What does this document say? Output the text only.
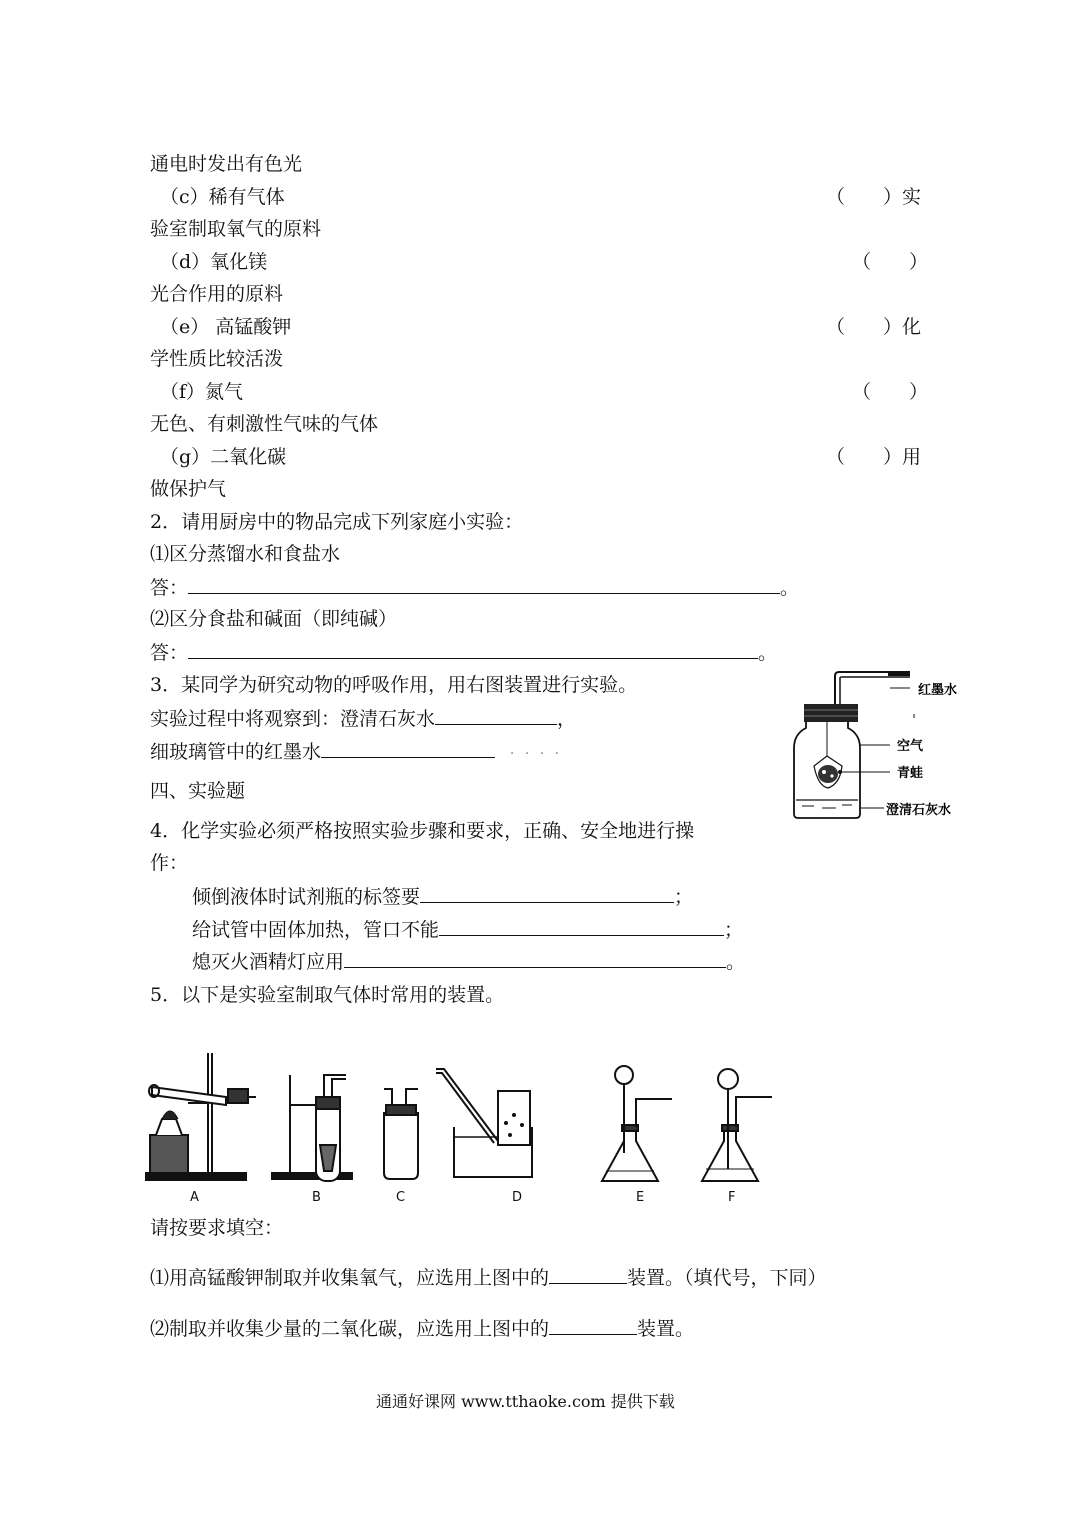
通电时发出有色光
（c）稀有气体	（　　）实
验室制取氧气的原料
（d）氧化镁	（　　）
光合作用的原料
（e） 高锰酸钾	（　　）化
学性质比较活泼
（f）氮气	（　　）
无色、有刺激性气味的气体
（g）二氧化碳	（　　）用
做保护气
2．请用厨房中的物品完成下列家庭小实验：
⑴区分蒸馏水和食盐水
答：	。
⑵区分食盐和碱面（即纯碱）
答：	。
3．某同学为研究动物的呼吸作用，用右图装置进行实验。
实验过程中将观察到：澄清石灰水	，
细玻璃管中的红墨水	· · · ·
红墨水
空气
青蛙
澄清石灰水
四、实验题
4．化学实验必须严格按照实验步骤和要求，正确、安全地进行操
作：
倾倒液体时试剂瓶的标签要	；
给试管中固体加热，管口不能	；
熄灭火酒精灯应用	。
5．以下是实验室制取气体时常用的装置。
A	B	C	D	E	F
请按要求填空：
⑴用高锰酸钾制取并收集氧气，应选用上图中的	装置。（填代号，下同）
⑵制取并收集少量的二氧化碳，应选用上图中的	装置。
通通好课网 www.tthaoke.com 提供下载
